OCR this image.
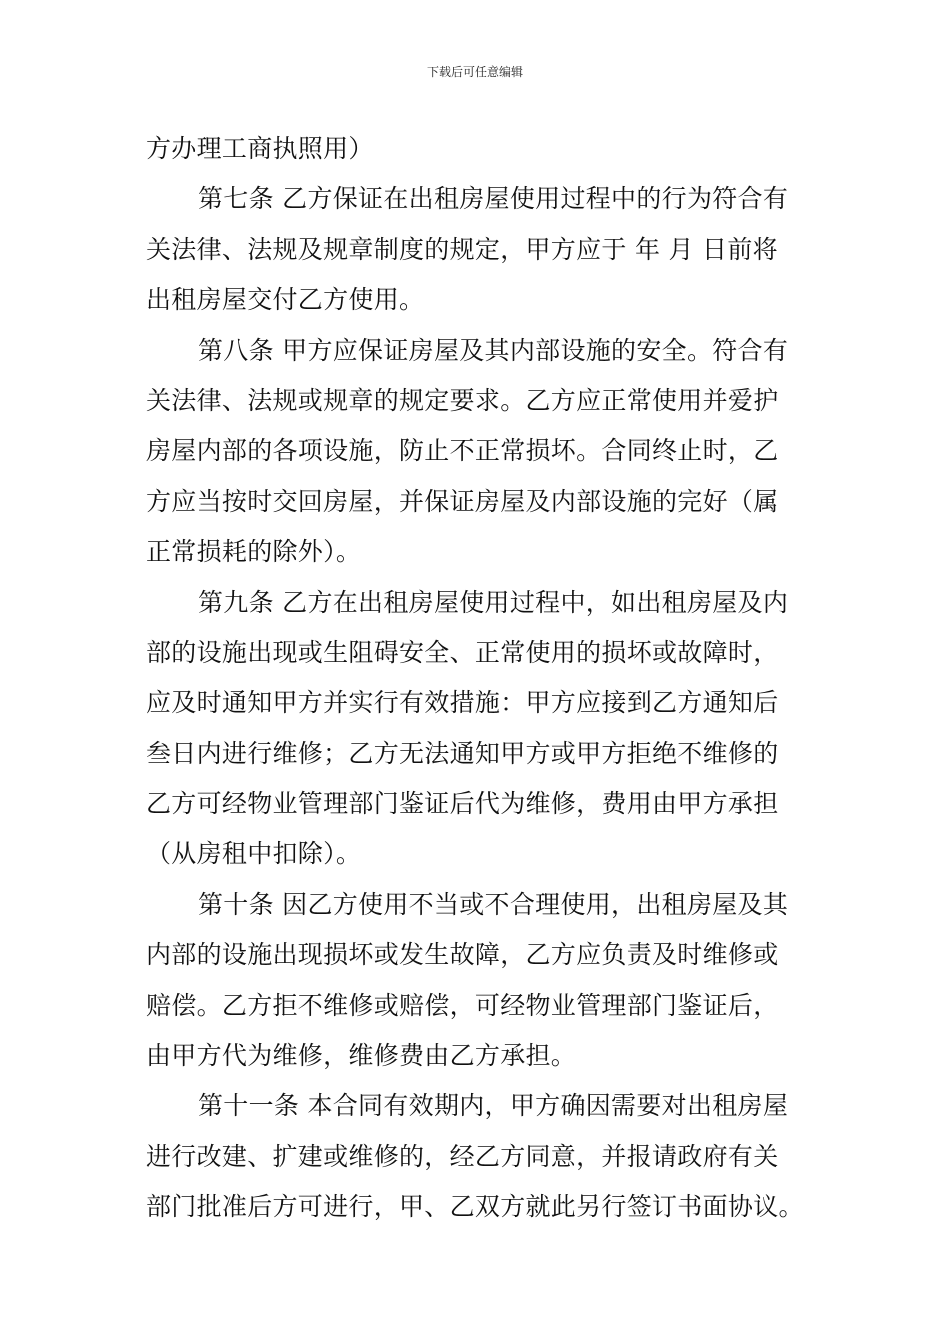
下载后可任意编辑
方办理工商执照用）
第七条 乙方保证在出租房屋使用过程中的行为符合有
关法律、法规及规章制度的规定，甲方应于 年 月 日前将
出租房屋交付乙方使用。
第八条 甲方应保证房屋及其内部设施的安全。符合有
关法律、法规或规章的规定要求。乙方应正常使用并爱护
房屋内部的各项设施，防止不正常损坏。合同终止时，乙
方应当按时交回房屋，并保证房屋及内部设施的完好（属
正常损耗的除外）。
第九条 乙方在出租房屋使用过程中，如出租房屋及内
部的设施出现或生阻碍安全、正常使用的损坏或故障时，
应及时通知甲方并实行有效措施：甲方应接到乙方通知后
叁日内进行维修；乙方无法通知甲方或甲方拒绝不维修的
乙方可经物业管理部门鉴证后代为维修，费用由甲方承担
（从房租中扣除）。
第十条 因乙方使用不当或不合理使用，出租房屋及其
内部的设施出现损坏或发生故障，乙方应负责及时维修或
赔偿。乙方拒不维修或赔偿，可经物业管理部门鉴证后，
由甲方代为维修，维修费由乙方承担。
第十一条 本合同有效期内，甲方确因需要对出租房屋
进行改建、扩建或维修的，经乙方同意，并报请政府有关
部门批准后方可进行，甲、乙双方就此另行签订书面协议。
